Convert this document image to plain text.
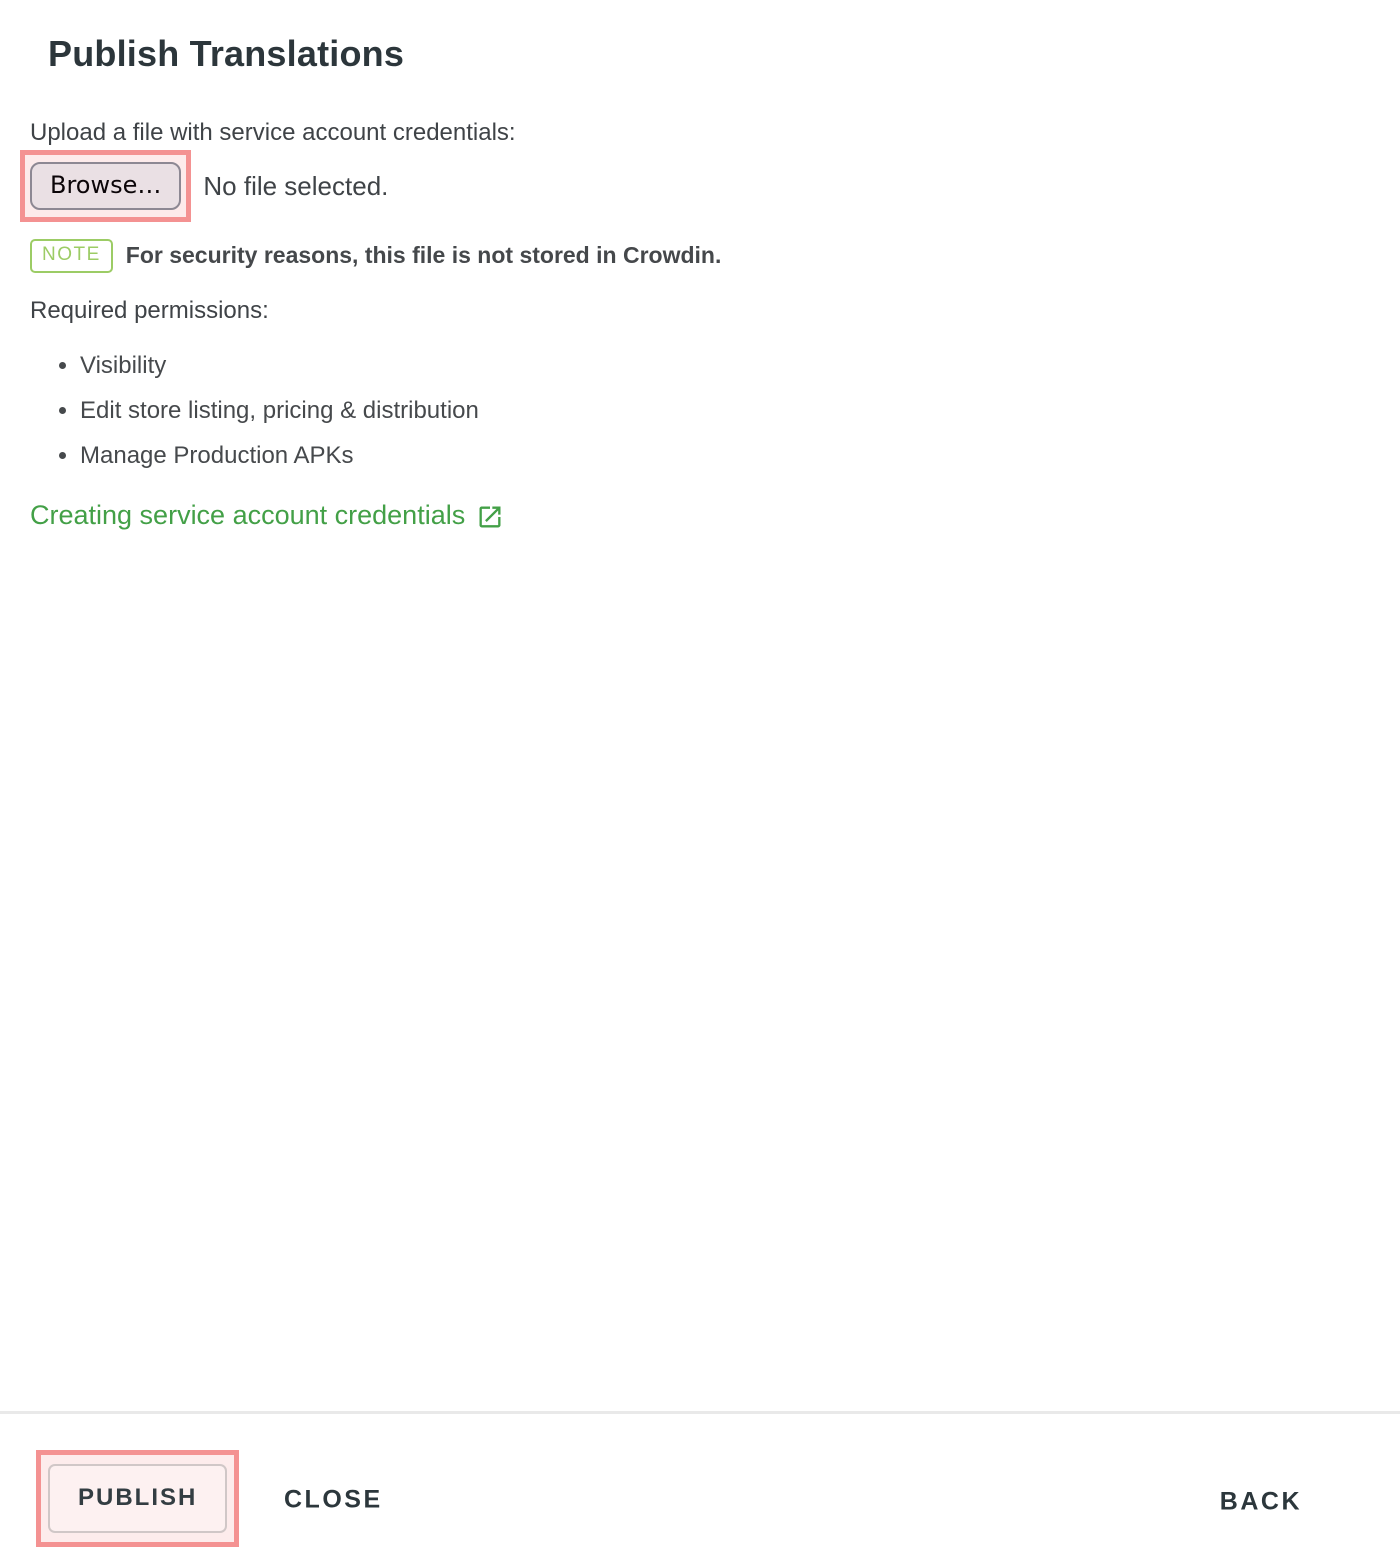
Publish Translations
Upload a file with service account credentials:
Browse…	No file selected.
NOTE	For security reasons, this file is not stored in Crowdin.
Required permissions:
• Visibility
• Edit store listing, pricing & distribution
• Manage Production APKs
Creating service account credentials
PUBLISH	CLOSE	BACK
